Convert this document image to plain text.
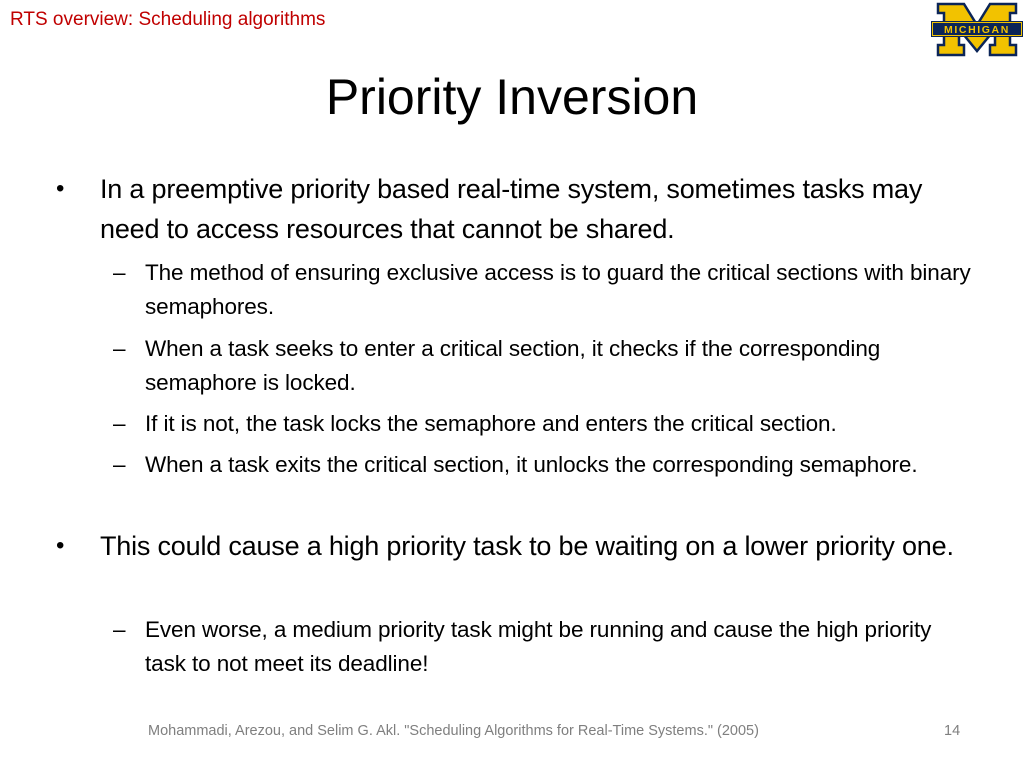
RTS overview: Scheduling algorithms	MICHIGAN
Priority Inversion
• In a preemptive priority based real-time system, sometimes tasks may need to access resources that cannot be shared.
– The method of ensuring exclusive access is to guard the critical sections with binary semaphores.
– When a task seeks to enter a critical section, it checks if the corresponding semaphore is locked.
– If it is not, the task locks the semaphore and enters the critical section.
– When a task exits the critical section, it unlocks the corresponding semaphore.
• This could cause a high priority task to be waiting on a lower priority one.
– Even worse, a medium priority task might be running and cause the high priority task to not meet its deadline!
Mohammadi, Arezou, and Selim G. Akl. "Scheduling Algorithms for Real-Time Systems." (2005)	14
